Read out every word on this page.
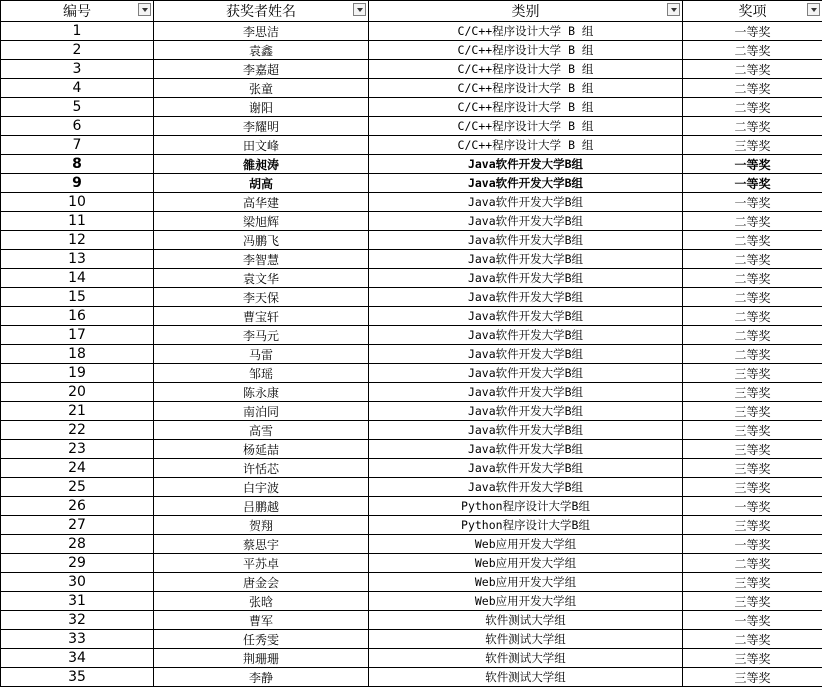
编号	获奖者姓名	类别	奖项

1	李思洁	C/C++程序设计大学 B 组	一等奖
2	袁鑫	C/C++程序设计大学 B 组	二等奖
3	李嘉超	C/C++程序设计大学 B 组	二等奖
4	张童	C/C++程序设计大学 B 组	二等奖
5	谢阳	C/C++程序设计大学 B 组	二等奖
6	李耀明	C/C++程序设计大学 B 组	二等奖
7	田文峰	C/C++程序设计大学 B 组	三等奖
8	雒昶涛	Java软件开发大学B组	一等奖
9	胡高	Java软件开发大学B组	一等奖
10	高华建	Java软件开发大学B组	一等奖
11	梁旭辉	Java软件开发大学B组	二等奖
12	冯鹏飞	Java软件开发大学B组	二等奖
13	李智慧	Java软件开发大学B组	二等奖
14	袁文华	Java软件开发大学B组	二等奖
15	李天保	Java软件开发大学B组	二等奖
16	曹宝轩	Java软件开发大学B组	二等奖
17	李马元	Java软件开发大学B组	二等奖
18	马雷	Java软件开发大学B组	二等奖
19	邹瑶	Java软件开发大学B组	三等奖
20	陈永康	Java软件开发大学B组	三等奖
21	南泊同	Java软件开发大学B组	三等奖
22	高雪	Java软件开发大学B组	三等奖
23	杨延喆	Java软件开发大学B组	三等奖
24	许恬芯	Java软件开发大学B组	三等奖
25	白宇波	Java软件开发大学B组	三等奖
26	吕鹏越	Python程序设计大学B组	一等奖
27	贺翔	Python程序设计大学B组	三等奖
28	蔡思宇	Web应用开发大学组	一等奖
29	平苏卓	Web应用开发大学组	二等奖
30	唐金会	Web应用开发大学组	三等奖
31	张晗	Web应用开发大学组	三等奖
32	曹军	软件测试大学组	一等奖
33	任秀雯	软件测试大学组	二等奖
34	荆珊珊	软件测试大学组	三等奖
35	李静	软件测试大学组	三等奖
